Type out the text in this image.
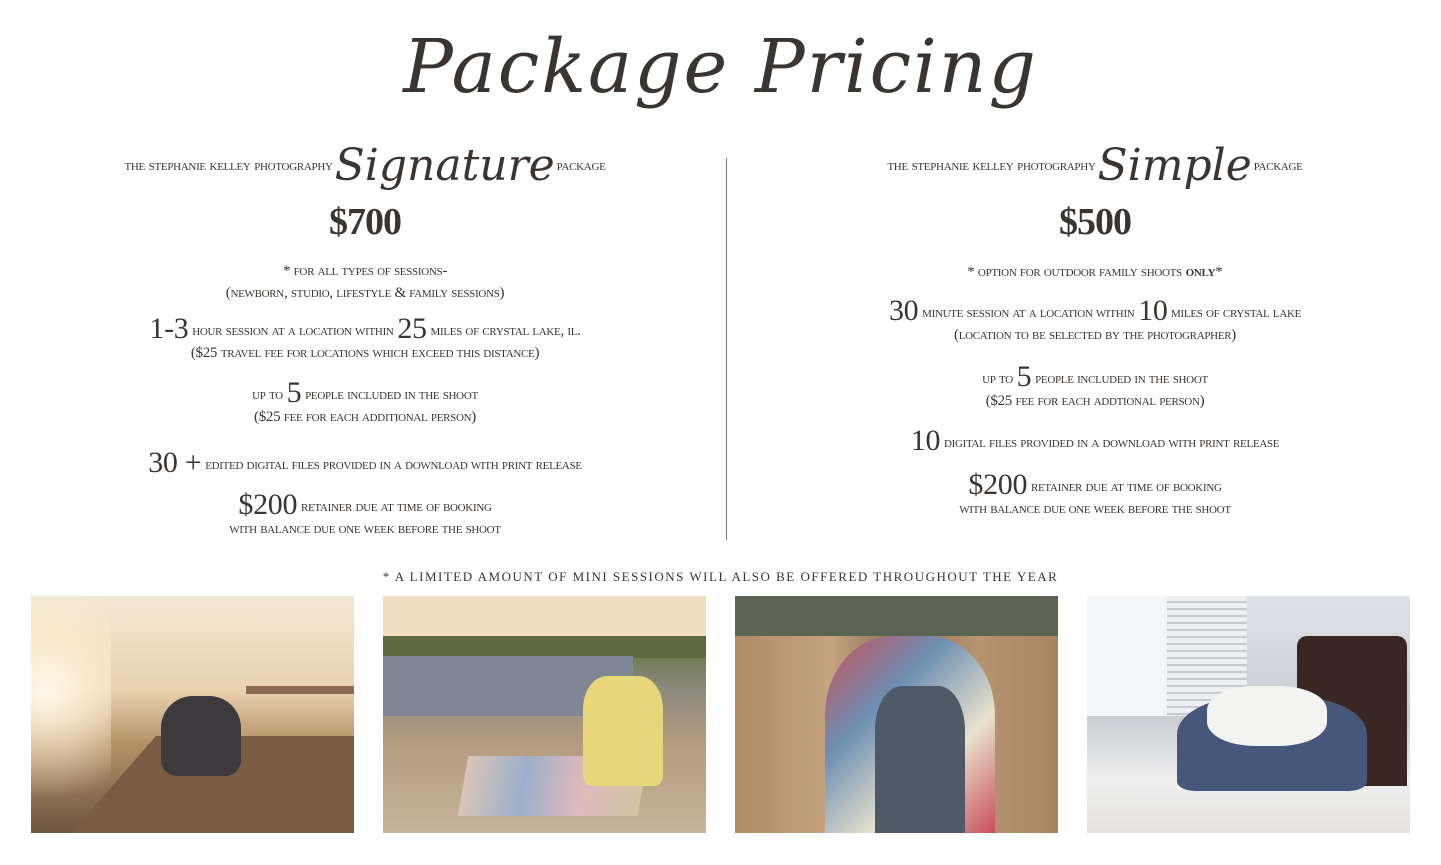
Package Pricing
the stephanie kelley photographySignature package
$700
* for all types of sessions-
(newborn, studio, lifestyle & family sessions)
1-3 hour session at a location within 25 miles of crystal lake, il.
($25 travel fee for locations which exceed this distance)
up to 5 people included in the shoot
($25 fee for each additional person)
30 + edited digital files provided in a download with print release
$200 retainer due at time of booking
with balance due one week before the shoot
the stephanie kelley photographySimple package
$500
* option for outdoor family shoots only*
30 minute session at a location within 10 miles of crystal lake
(location to be selected by the photographer)
up to 5 people included in the shoot
($25 fee for each addtional person)
10 digital files provided in a download with print release
$200 retainer due at time of booking
with balance due one week before the shoot
* A LIMITED AMOUNT OF MINI SESSIONS WILL ALSO BE OFFERED THROUGHOUT THE YEAR
